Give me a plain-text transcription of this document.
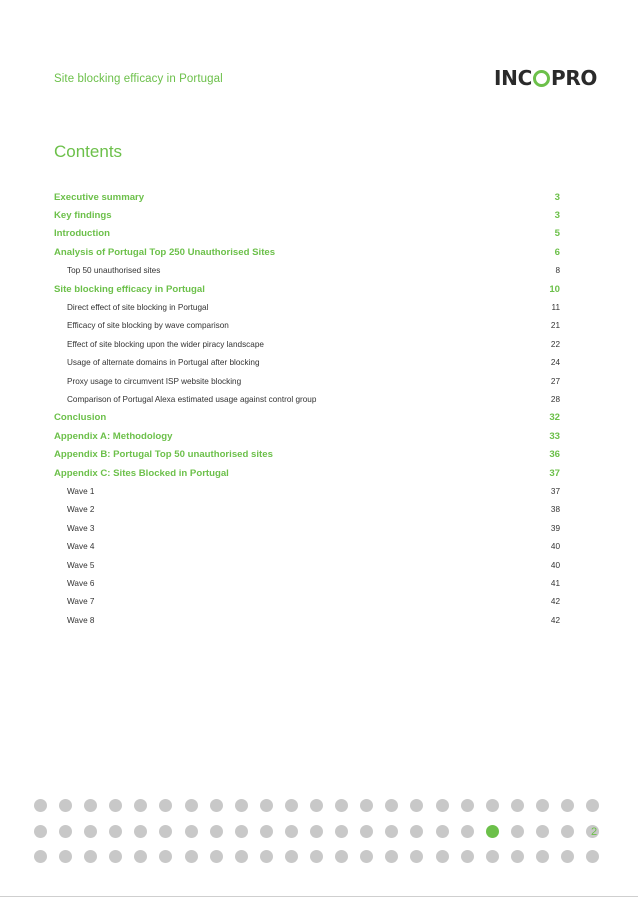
Site blocking efficacy in Portugal	INC PRO
Contents
Executive summary	3
Key findings	3
Introduction	5
Analysis of Portugal Top 250 Unauthorised Sites	6
Top 50 unauthorised sites	8
Site blocking efficacy in Portugal	10
Direct effect of site blocking in Portugal	11
Efficacy of site blocking by wave comparison	21
Effect of site blocking upon the wider piracy landscape	22
Usage of alternate domains in Portugal after blocking	24
Proxy usage to circumvent ISP website blocking	27
Comparison of Portugal Alexa estimated usage against control group	28
Conclusion	32
Appendix A: Methodology	33
Appendix B: Portugal Top 50 unauthorised sites	36
Appendix C: Sites Blocked in Portugal	37
Wave 1	37
Wave 2	38
Wave 3	39
Wave 4	40
Wave 5	40
Wave 6	41
Wave 7	42
Wave 8	42
2
